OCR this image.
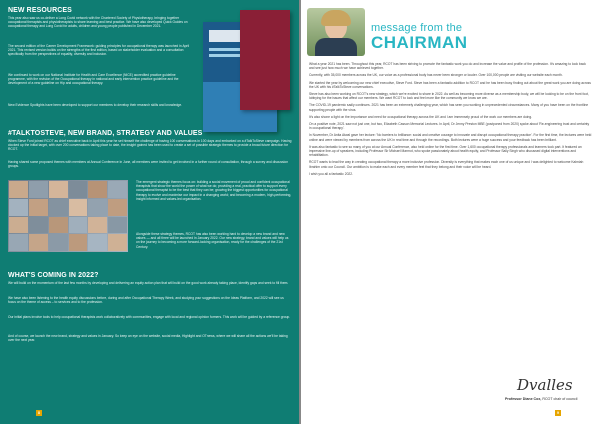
NEW RESOURCES
This year also saw us co-deliver a Long Covid network with the Chartered Society of Physiotherapy, bringing together occupational therapists and physiotherapists to share learning and best practice. We have also developed Quick Guides on occupational therapy and Long Covid for adults, children and young people published in December 2021.
The second edition of the Career Development Framework: guiding principles for occupational therapy was launched in April 2021. This revised version builds on the strengths of the first edition, based on stakeholder evaluation and a consultation specifically from the perspectives of equality, diversity and inclusion.
We continued to work on our National Institute for Health and Care Excellence (NICE) accredited practice guideline programme, with the revision of the Occupational therapy in national and early intervention practice guideline and the development of a new guideline on Hip and occupational therapy.
New Evidence Spotlights have been developed to support our members to develop their research skills and knowledge.
#TALKTOSTEVE, NEW BRAND, STRATEGY AND VALUES
When Steve Ford joined RCOT as chief executive back in April this year he set himself the challenge of having 100 conversations in 100 days and embarked on a #TalkToSteve campaign. Having clocked up the initial target, with over 200 conversations taking place to date, the insight gained has been used to create a set of possible strategic themes to provide a broad future direction for RCOT.
Having shared some proposed themes with members at Annual Conference in June, all members were invited to get involved in a further round of consultation, through a survey and discussion groups.
The emergent strategic themes focus on: building a social movement of proud and confident occupational therapists that show the world the power of what we do; providing a real, practical offer to support every occupational therapist to be the best that they can be; growing the biggest opportunities for occupational therapy to evolve and maximise our impact in a changing world; and becoming a modern, high-performing, insight informed and values-led organisation.
Alongside these strategy themes, RCOT has also been working hard to develop a new brand and new values — and all three will be launched in January 2022. Our new strategy, brand and values will help us on the journey to becoming a more forward-looking organisation, ready for the challenges of the 21st Century.
WHAT'S COMING IN 2022?
We will build on the momentum of the last few months by developing and delivering an equity action plan that will build on the good work already taking place, identify gaps and seek to fill them.
We have also been listening to the health equity discussions before, during and after Occupational Therapy Week, and studying your suggestions on the Ideas Platform, and 2022 will see us focus on the theme of access – to services and to the profession.
Our initial plans involve tools to help occupational therapists work collaboratively with communities, engage with local and regional opinion formers. This work will be guided by a reference group.
And of course, we launch the new brand, strategy and values in January. So keep an eye on the website, social media, Highlight and OTnews, where we will share all the actions we'll be taking over the next year.
8
message from the
CHAIRMAN

What a year 2021 has been. Throughout this year, RCOT has been striving to promote the fantastic work you do and increase the value and profile of the profession. It's amazing to look back and see just how much we have achieved together.

Currently, with 35,000 members across the UK, our voice as a professional body has never been stronger or louder. Over 100,000 people are visiting our website each month.

We started the year by welcoming our new chief executive, Steve Ford. Steve has been a fantastic addition to RCOT and he has been busy finding out about the great work you are doing across the UK with his #TalkToSteve conversations.

Steve has also been working on RCOT's new strategy, which we're excited to share in 2022. As well as becoming more diverse as a membership body, we will be looking to be on the front foot, lobbying for the issues that affect our members. We want RCOT to look and feel more like the community we know we are.

The COVID-19 pandemic sadly continues. 2021 has been an extremely challenging year, which has seen you working in unprecedented circumstances. Many of you have been on the frontline supporting people with the virus.

It's also shone a light on the importance and need for occupational therapy across the UK and I am immensely proud of the work our members are doing.

On a positive note, 2021 saw not just one, but two, Elizabeth Casson Memorial Lectures. In April, Dr Jenny Preston MBE (postponed from 2020) spoke about 'Re-engineering trust and certainty in occupational therapy'.

In November, Dr Anita Atwal gave her lecture: 'No barriers to brilliance: social and creative courage to innovate and disrupt occupational therapy practice'. For the first time, the lectures were held online and were viewed by members from across the UK in real time and through the recordings. Both lectures were a huge success and your feedback has been brilliant.

It was also fantastic to see so many of you at our Annual Conference, also held online for the first time. Over 1,600 occupational therapy professionals and learners took part. It featured an impressive line-up of speakers, including Professor Sir Michael Marmot, who spoke passionately about health equity, and Professor Sally Singh who discussed digital interventions and rehabilitation.

RCOT wants to lead the way in creating occupational therapy a more inclusive profession. Diversity is everything that makes each one of us unique and I was delighted to welcome Kalmiah Ibrahim onto our Council. Our ambition is to make each and every member feel that they belong and their voice will be heard.

I wish you all a fantastic 2022.

Dvalles
Professor Diane Cox, RCOT chair of council
9
